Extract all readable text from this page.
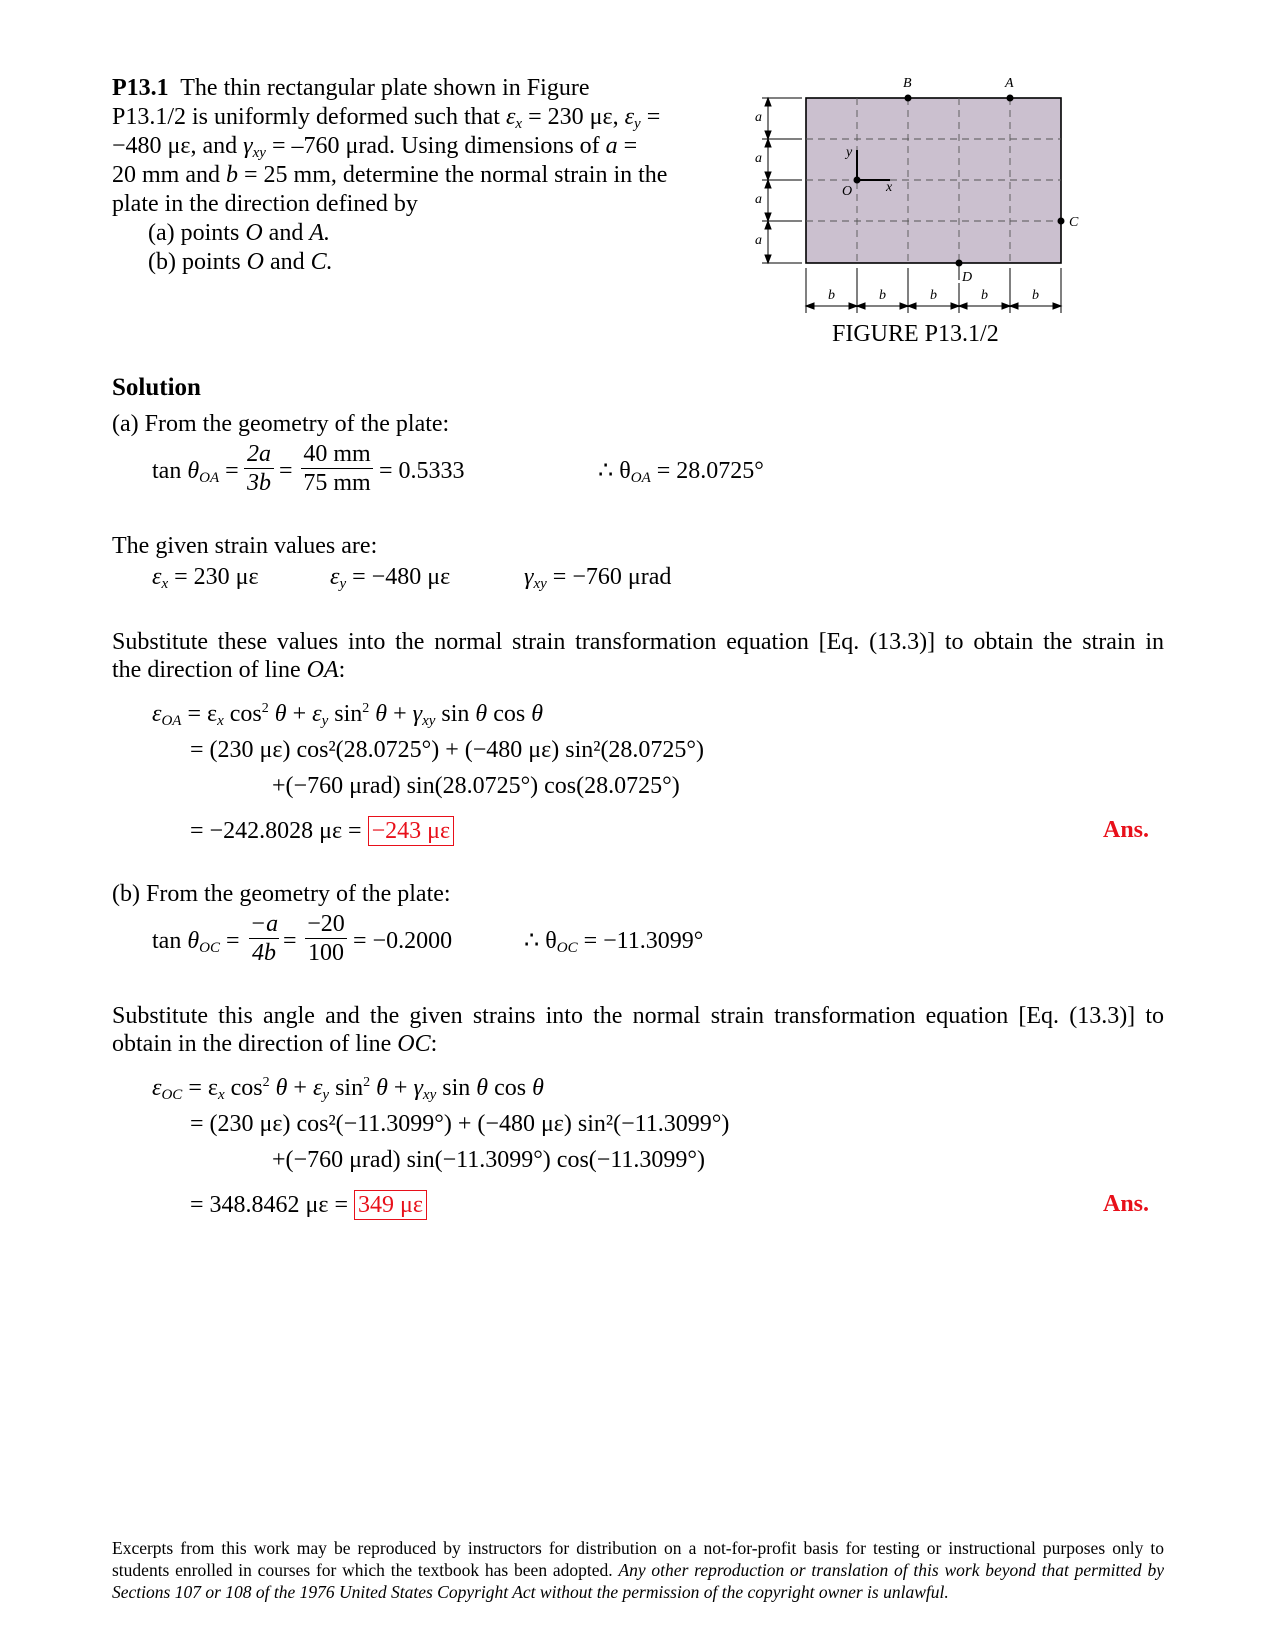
P13.1 The thin rectangular plate shown in Figure
P13.1/2 is uniformly deformed such that $\varepsilon_x = 230$ με, $\varepsilon_y$ =
−480 με, and $\gamma_{xy} = -760$ μrad. Using dimensions of a =
20 mm and b = 25 mm, determine the normal strain in the
plate in the direction defined by
(a) points O and A.
(b) points O and C.
B	A
C
D
O x
y
a
a
a
a
b	b	b	b	b
FIGURE P13.1/2
Solution
(a) From the geometry of the plate:
$\tan \theta_{OA} = \frac{2a}{3b} = \frac{40 mm}{75 mm} = 0.5333$	∴ $\theta_{OA} = 28.0725^\circ$
The given strain values are:
$\varepsilon_x = 230$ με	$\varepsilon_y = -480$ με	$\gamma_{xy} = -760$ μrad
Substitute these values into the normal strain transformation equation [Eq. (13.3)] to obtain the strain in
the direction of line OA:
$\varepsilon_{OA} = \varepsilon_x$ $\cos^2 \theta + \varepsilon_y$ $\sin^2 \theta + \gamma_{xy}$ sin θ cos θ
= (230 με) cos²(28.0725°) + (−480 με) sin²(28.0725°)
+(−760 μrad) sin(28.0725°) cos(28.0725°)
= −242.8028 με = −243 με	Ans.
(b) From the geometry of the plate:
$\tan \theta_{OC} = \frac{-a}{4b} = \frac{-20}{100} = -0.2000$	∴ $\theta_{OC} = -11.3099^\circ$
Substitute this angle and the given strains into the normal strain transformation equation [Eq. (13.3)] to
obtain in the direction of line OC:
$\varepsilon_{OC} = \varepsilon_x$ $\cos^2 \theta + \varepsilon_y$ $\sin^2 \theta + \gamma_{xy}$ sin θ cos θ
= (230 με) cos²(−11.3099°) + (−480 με) sin²(−11.3099°)
+(−760 μrad) sin(−11.3099°) cos(−11.3099°)
= 348.8462 με = 349 με	Ans.
Excerpts from this work may be reproduced by instructors for distribution on a not-for-profit basis for testing or instructional purposes only to students enrolled in courses for which the textbook has been adopted. Any other reproduction or translation of this work beyond that permitted by Sections 107 or 108 of the 1976 United States Copyright Act without the permission of the copyright owner is unlawful.
